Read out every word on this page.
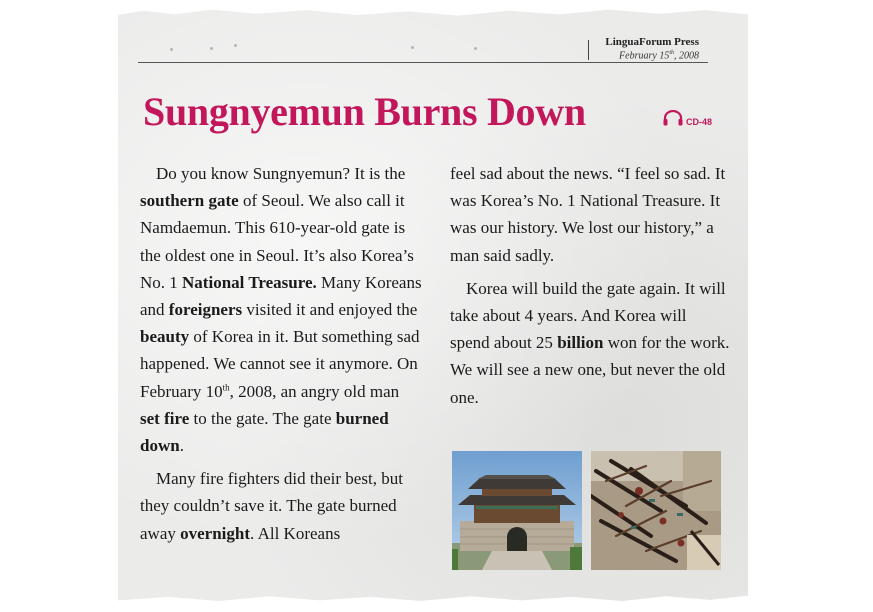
LinguaForum Press
February 15th, 2008
Sungnyemun Burns Down	CD-48

Do you know Sungnyemun? It is the southern gate of Seoul. We also call it Namdaemun. This 610-year-old gate is the oldest one in Seoul. It’s also Korea’s No. 1 National Treasure. Many Koreans and foreigners visited it and enjoyed the beauty of Korea in it. But something sad happened. We cannot see it anymore. On February 10th, 2008, an angry old man set fire to the gate. The gate burned down.

Many fire fighters did their best, but they couldn’t save it. The gate burned away overnight. All Koreans

feel sad about the news. “I feel so sad. It was Korea’s No. 1 National Treasure. It was our history. We lost our history,” a man said sadly.

Korea will build the gate again. It will take about 4 years. And Korea will spend about 25 billion won for the work. We will see a new one, but never the old one.
